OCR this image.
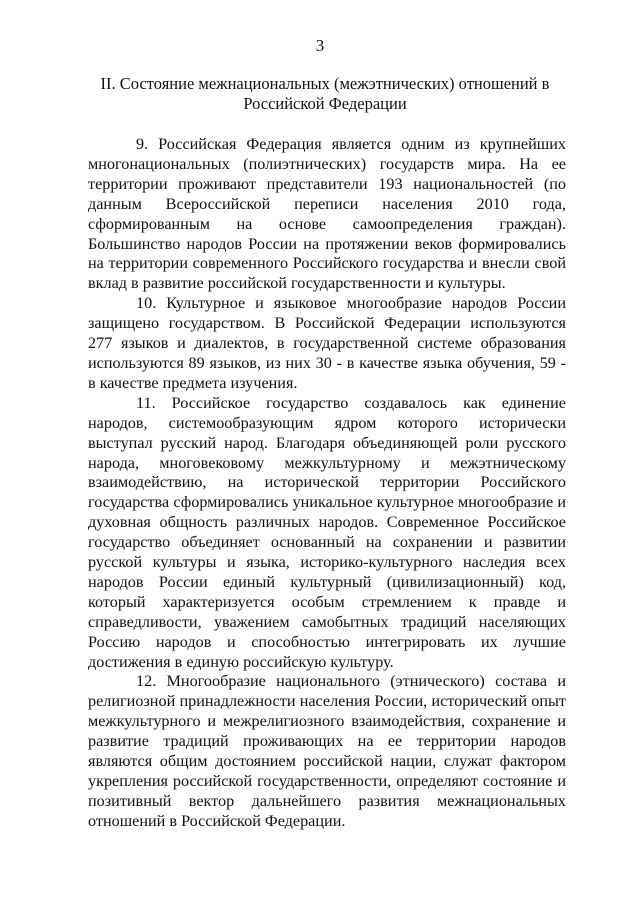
3
II. Состояние межнациональных (межэтнических) отношений в
Российской Федерации

9. Российская Федерация является одним из крупнейших многонациональных (полиэтнических) государств мира. На ее территории проживают представители 193 национальностей (по данным Всероссийской переписи населения 2010 года, сформированным на основе самоопределения граждан). Большинство народов России на протяжении веков формировались на территории современного Российского государства и внесли свой вклад в развитие российской государственности и культуры.

10. Культурное и языковое многообразие народов России защищено государством. В Российской Федерации используются 277 языков и диалектов, в государственной системе образования используются 89 языков, из них 30 - в качестве языка обучения, 59 - в качестве предмета изучения.

11. Российское государство создавалось как единение народов, системообразующим ядром которого исторически выступал русский народ. Благодаря объединяющей роли русского народа, многовековому межкультурному и межэтническому взаимодействию, на исторической территории Российского государства сформировались уникальное культурное многообразие и духовная общность различных народов. Современное Российское государство объединяет основанный на сохранении и развитии русской культуры и языка, историко-культурного наследия всех народов России единый культурный (цивилизационный) код, который характеризуется особым стремлением к правде и справедливости, уважением самобытных традиций населяющих Россию народов и способностью интегрировать их лучшие достижения в единую российскую культуру.

12. Многообразие национального (этнического) состава и религиозной принадлежности населения России, исторический опыт межкультурного и межрелигиозного взаимодействия, сохранение и развитие традиций проживающих на ее территории народов являются общим достоянием российской нации, служат фактором укрепления российской государственности, определяют состояние и позитивный вектор дальнейшего развития межнациональных отношений в Российской Федерации.
